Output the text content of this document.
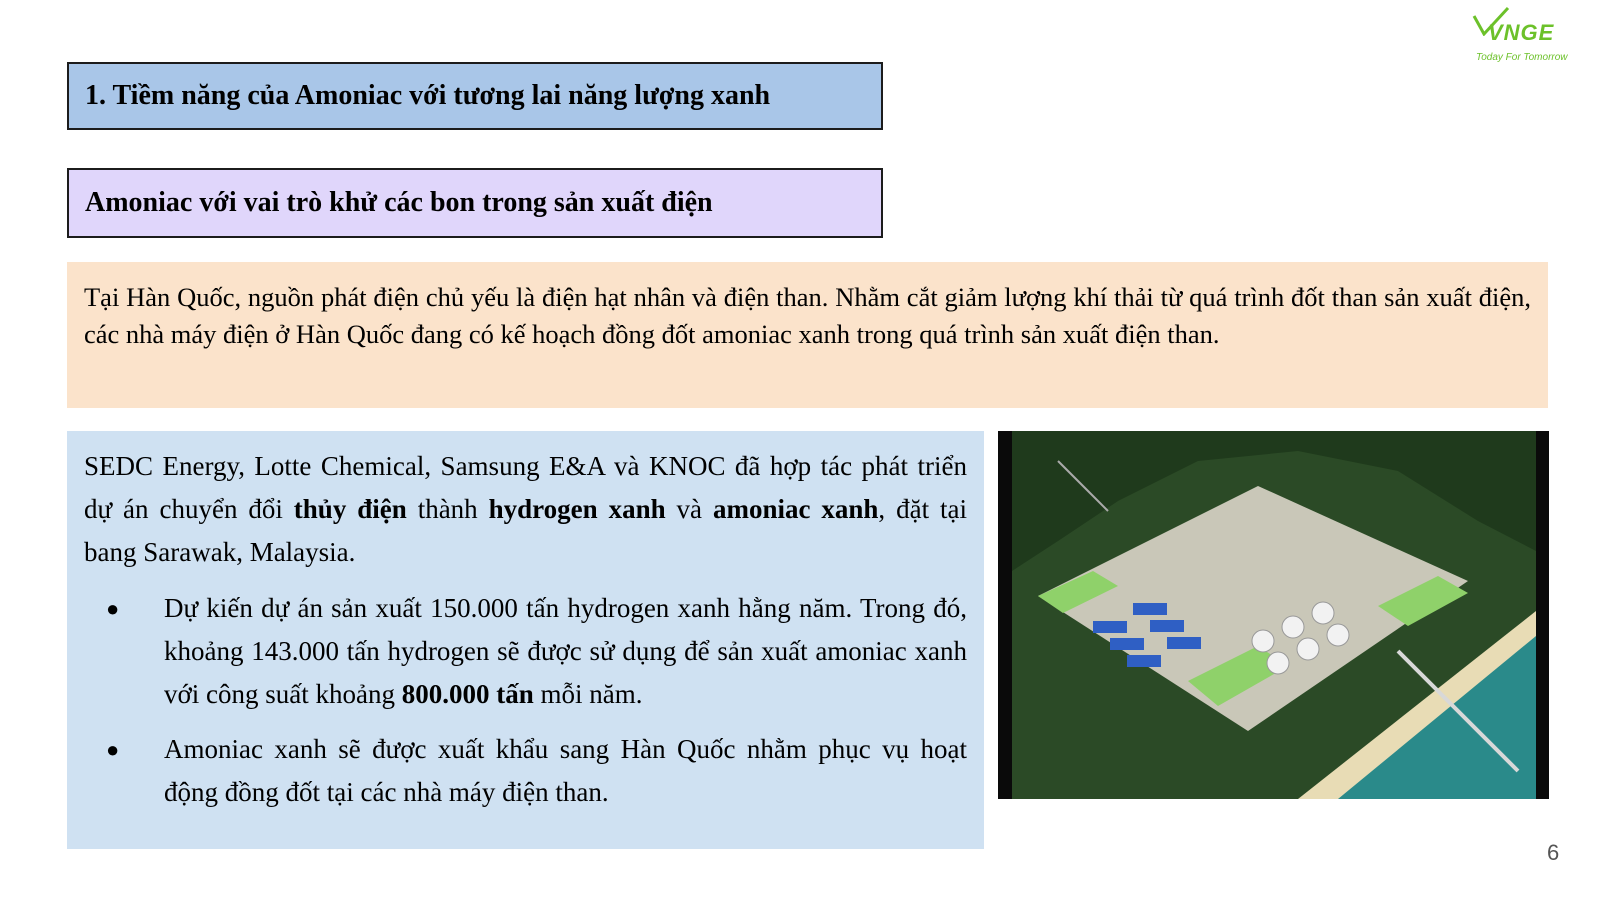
VNGE
Today For Tomorrow
1. Tiềm năng của Amoniac với tương lai năng lượng xanh
Amoniac với vai trò khử các bon trong sản xuất điện
Tại Hàn Quốc, nguồn phát điện chủ yếu là điện hạt nhân và điện than. Nhằm cắt giảm lượng khí thải từ quá trình đốt than sản xuất điện, các nhà máy điện ở Hàn Quốc đang có kế hoạch đồng đốt amoniac xanh trong quá trình sản xuất điện than.

SEDC Energy, Lotte Chemical, Samsung E&A và KNOC đã hợp tác phát triển dự án chuyển đổi thủy điện thành hydrogen xanh và amoniac xanh, đặt tại bang Sarawak, Malaysia.

● Dự kiến dự án sản xuất 150.000 tấn hydrogen xanh hằng năm. Trong đó, khoảng 143.000 tấn hydrogen sẽ được sử dụng để sản xuất amoniac xanh với công suất khoảng 800.000 tấn mỗi năm.
● Amoniac xanh sẽ được xuất khẩu sang Hàn Quốc nhằm phục vụ hoạt động đồng đốt tại các nhà máy điện than.
6
